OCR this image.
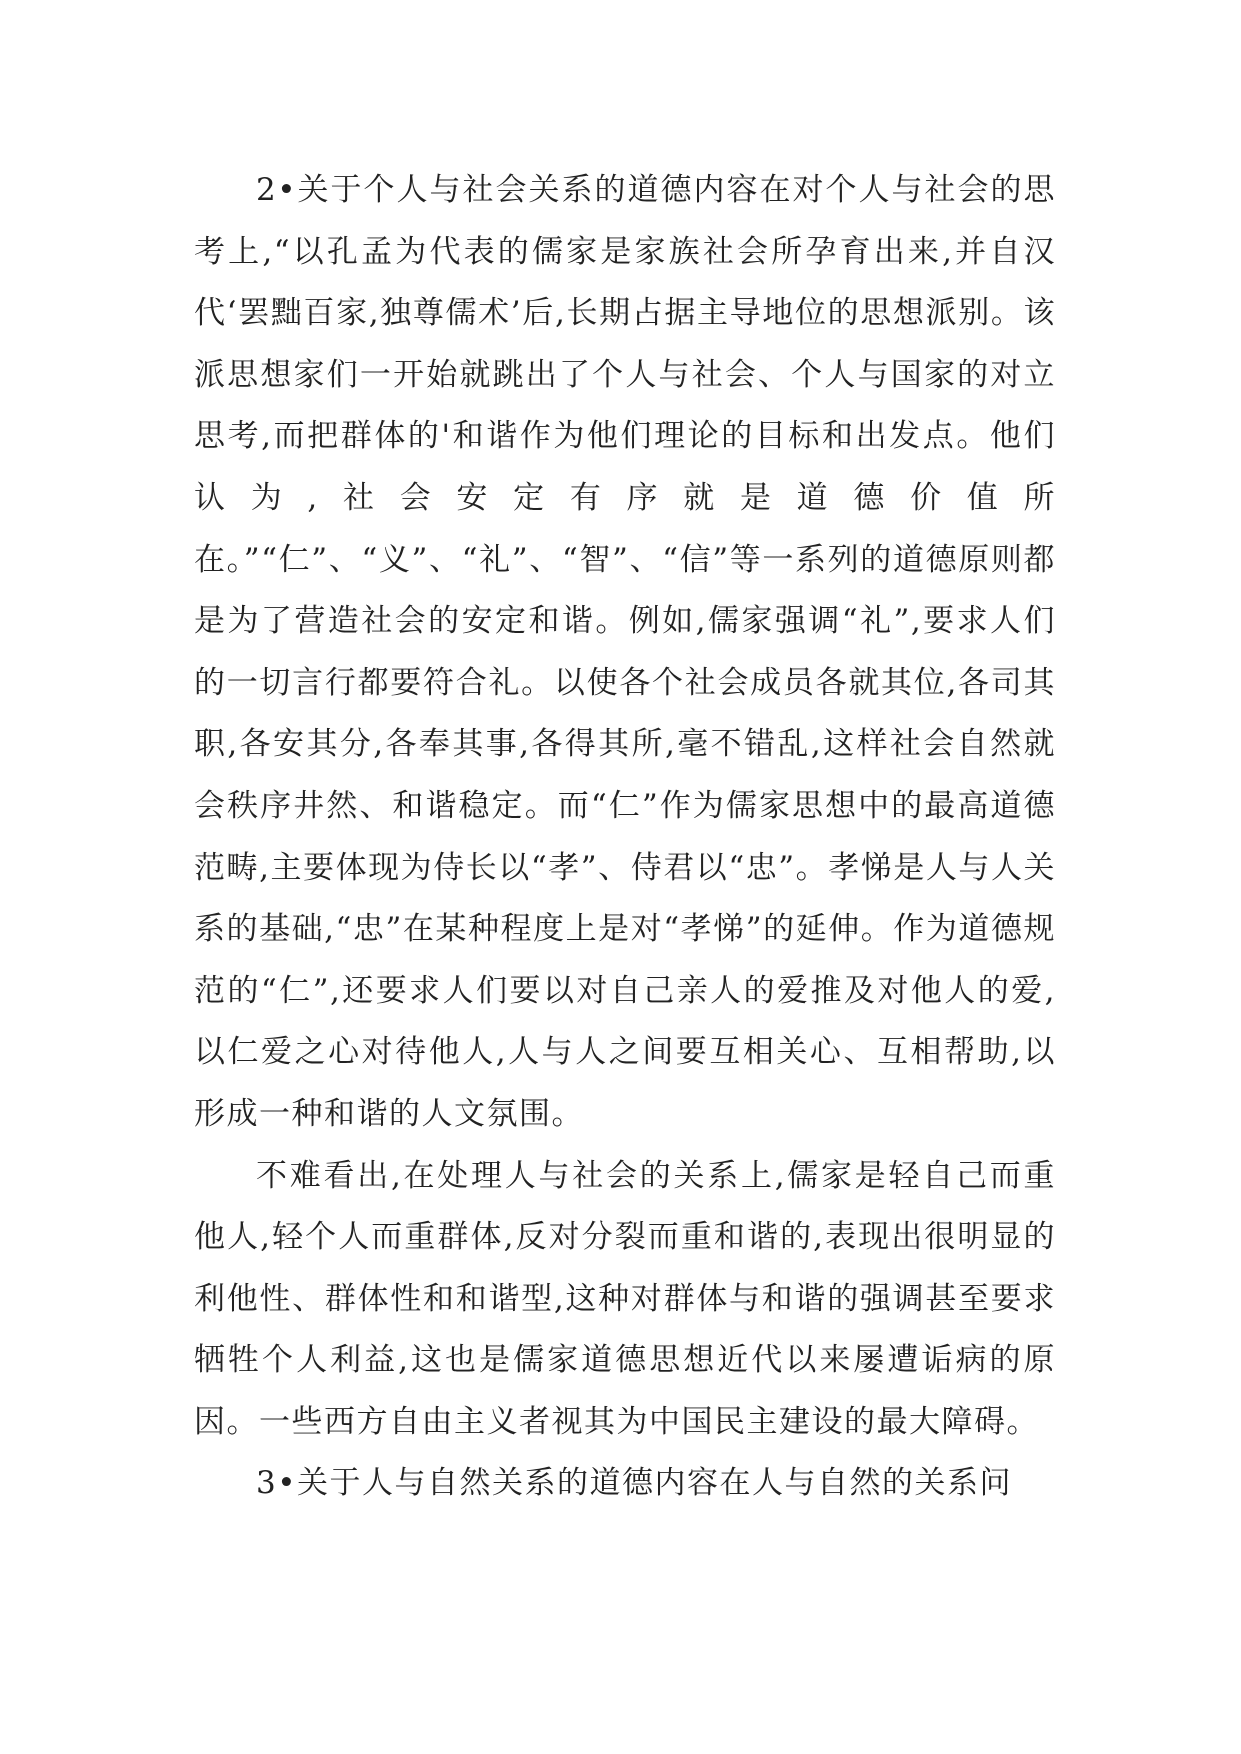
2•关于个人与社会关系的道德内容在对个人与社会的思考上,“以孔孟为代表的儒家是家族社会所孕育出来,并自汉代‘罢黜百家,独尊儒术’后,长期占据主导地位的思想派别。该派思想家们一开始就跳出了个人与社会、个人与国家的对立思考,而把群体的'和谐作为他们理论的目标和出发点。他们认为,社会安定有序就是道德价值所在。”“仁”、“义”、“礼”、“智”、“信”等一系列的道德原则都是为了营造社会的安定和谐。例如,儒家强调“礼”,要求人们的一切言行都要符合礼。以使各个社会成员各就其位,各司其职,各安其分,各奉其事,各得其所,毫不错乱,这样社会自然就会秩序井然、和谐稳定。而“仁”作为儒家思想中的最高道德范畴,主要体现为侍长以“孝”、侍君以“忠”。孝悌是人与人关系的基础,“忠”在某种程度上是对“孝悌”的延伸。作为道德规范的“仁”,还要求人们要以对自己亲人的爱推及对他人的爱,以仁爱之心对待他人,人与人之间要互相关心、互相帮助,以形成一种和谐的人文氛围。

不难看出,在处理人与社会的关系上,儒家是轻自己而重他人,轻个人而重群体,反对分裂而重和谐的,表现出很明显的利他性、群体性和和谐型,这种对群体与和谐的强调甚至要求牺牲个人利益,这也是儒家道德思想近代以来屡遭诟病的原因。一些西方自由主义者视其为中国民主建设的最大障碍。

3•关于人与自然关系的道德内容在人与自然的关系问
